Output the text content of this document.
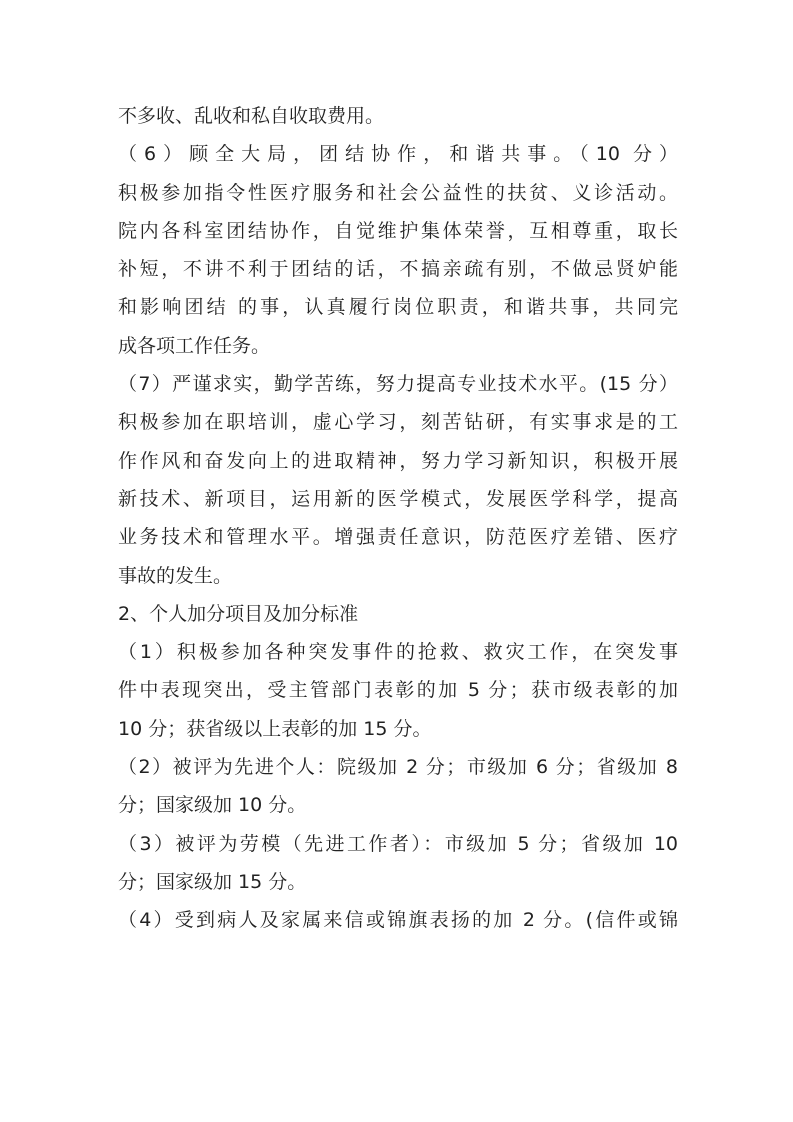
不多收、乱收和私自收取费用。
（6）顾全大局，团结协作，和谐共事。（10 分）
积极参加指令性医疗服务和社会公益性的扶贫、义诊活动。
院内各科室团结协作，自觉维护集体荣誉，互相尊重，取长
补短，不讲不利于团结的话，不搞亲疏有别，不做忌贤妒能
和影响团结 的事，认真履行岗位职责，和谐共事，共同完
成各项工作任务。
（7）严谨求实，勤学苦练，努力提高专业技术水平。(15 分）
积极参加在职培训，虚心学习，刻苦钻研，有实事求是的工
作作风和奋发向上的进取精神，努力学习新知识，积极开展
新技术、新项目，运用新的医学模式，发展医学科学，提高
业务技术和管理水平。增强责任意识，防范医疗差错、医疗
事故的发生。
2、个人加分项目及加分标准
（1）积极参加各种突发事件的抢救、救灾工作，在突发事
件中表现突出，受主管部门表彰的加 5 分；获市级表彰的加
10 分；获省级以上表彰的加 15 分。
（2）被评为先进个人：院级加 2 分；市级加 6 分；省级加 8
分；国家级加 10 分。
（3）被评为劳模（先进工作者）：市级加 5 分；省级加 10
分；国家级加 15 分。
（4）受到病人及家属来信或锦旗表扬的加 2 分。(信件或锦
